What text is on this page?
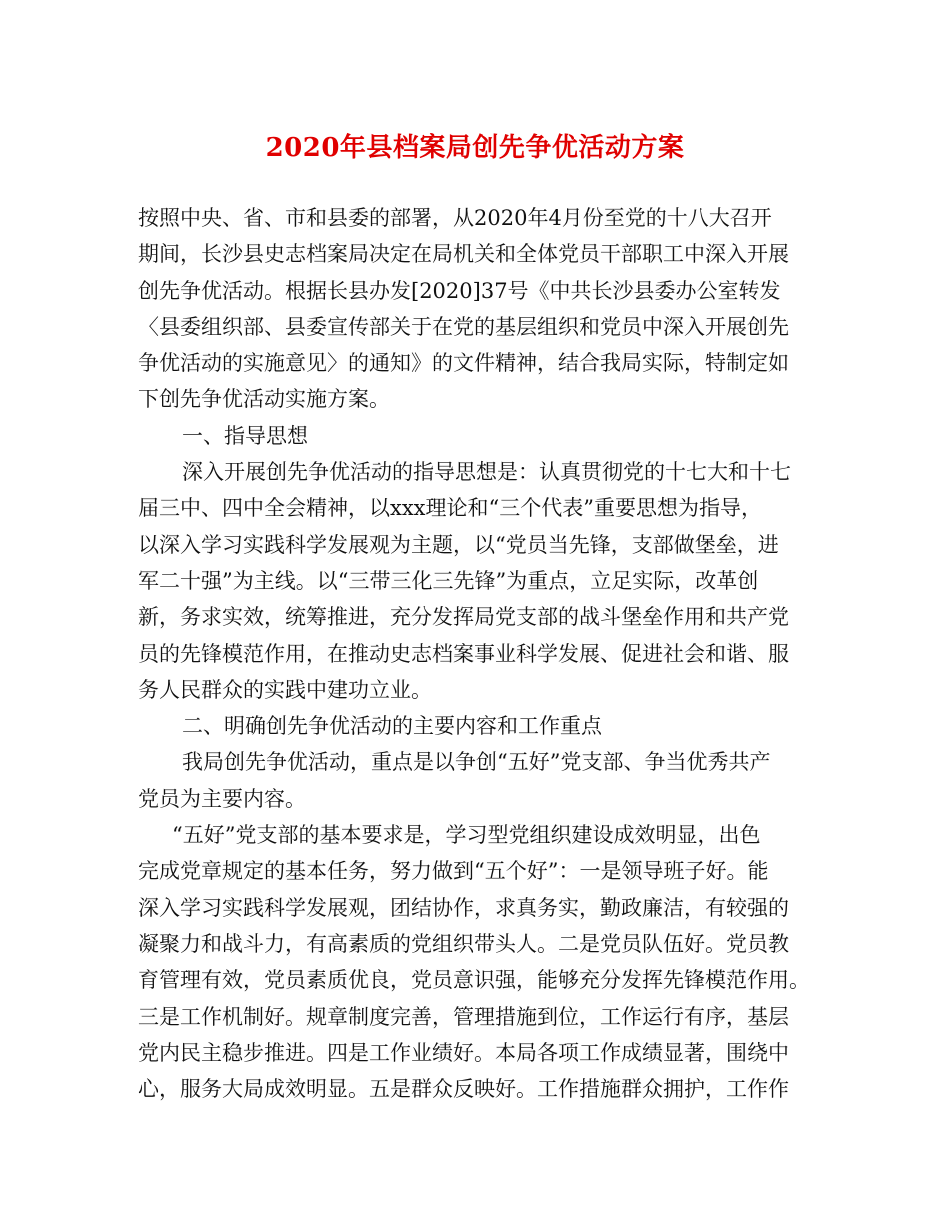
2020年县档案局创先争优活动方案
按照中央、省、市和县委的部署，从2020年4月份至党的十八大召开
期间，长沙县史志档案局决定在局机关和全体党员干部职工中深入开展
创先争优活动。根据长县办发[2020]37号《中共长沙县委办公室转发
〈县委组织部、县委宣传部关于在党的基层组织和党员中深入开展创先
争优活动的实施意见〉的通知》的文件精神，结合我局实际，特制定如
下创先争优活动实施方案。
一、指导思想
深入开展创先争优活动的指导思想是：认真贯彻党的十七大和十七
届三中、四中全会精神，以xxx理论和“三个代表”重要思想为指导，
以深入学习实践科学发展观为主题，以“党员当先锋，支部做堡垒，进
军二十强”为主线。以“三带三化三先锋”为重点，立足实际，改革创
新，务求实效，统筹推进，充分发挥局党支部的战斗堡垒作用和共产党
员的先锋模范作用，在推动史志档案事业科学发展、促进社会和谐、服
务人民群众的实践中建功立业。
二、明确创先争优活动的主要内容和工作重点
我局创先争优活动，重点是以争创“五好”党支部、争当优秀共产
党员为主要内容。
“五好”党支部的基本要求是，学习型党组织建设成效明显，出色
完成党章规定的基本任务，努力做到“五个好”：一是领导班子好。能
深入学习实践科学发展观，团结协作，求真务实，勤政廉洁，有较强的
凝聚力和战斗力，有高素质的党组织带头人。二是党员队伍好。党员教
育管理有效，党员素质优良，党员意识强，能够充分发挥先锋模范作用。
三是工作机制好。规章制度完善，管理措施到位，工作运行有序，基层
党内民主稳步推进。四是工作业绩好。本局各项工作成绩显著，围绕中
心，服务大局成效明显。五是群众反映好。工作措施群众拥护，工作作
